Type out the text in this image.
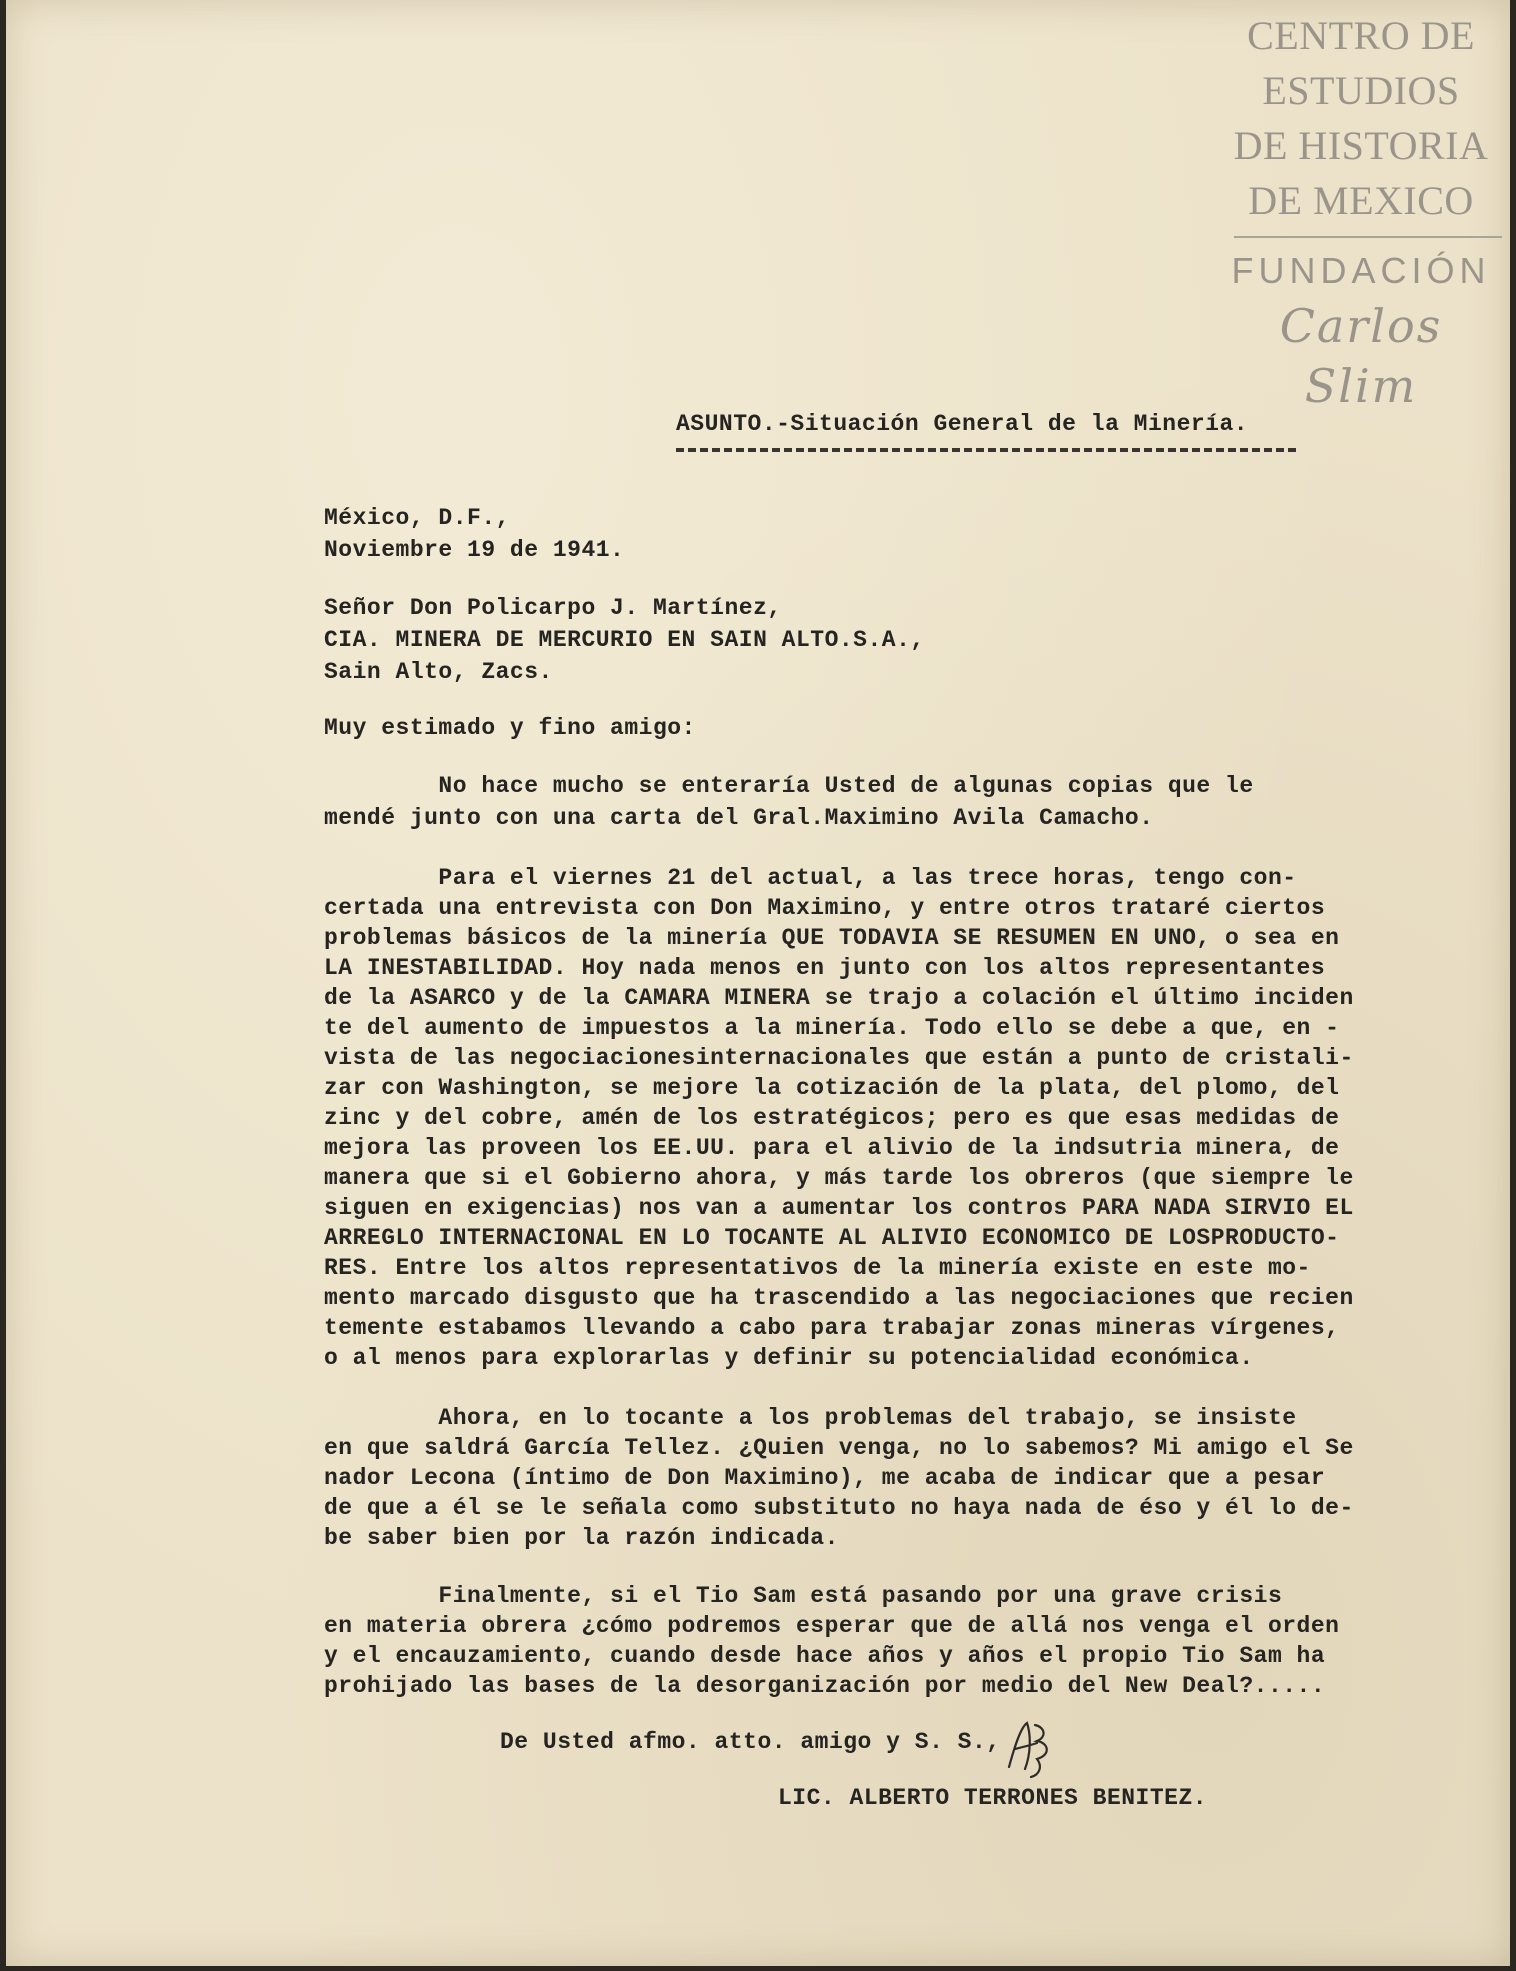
CENTRO DE
ESTUDIOS
DE HISTORIA
DE MEXICO
FUNDACIÓN
Carlos Slim
ASUNTO.-Situación General de la Minería.
México, D.F.,
Noviembre 19 de 1941.
Señor Don Policarpo J. Martínez,
CIA. MINERA DE MERCURIO EN SAIN ALTO.S.A.,
Sain Alto, Zacs.
Muy estimado y fino amigo:
No hace mucho se enteraría Usted de algunas copias que le
mendé junto con una carta del Gral.Maximino Avila Camacho.
Para el viernes 21 del actual, a las trece horas, tengo con-
certada una entrevista con Don Maximino, y entre otros trataré ciertos
problemas básicos de la minería QUE TODAVIA SE RESUMEN EN UNO, o sea en
LA INESTABILIDAD. Hoy nada menos en junto con los altos representantes
de la ASARCO y de la CAMARA MINERA se trajo a colación el último inciden
te del aumento de impuestos a la minería. Todo ello se debe a que, en -
vista de las negociacionesinternacionales que están a punto de cristali-
zar con Washington, se mejore la cotización de la plata, del plomo, del
zinc y del cobre, amén de los estratégicos; pero es que esas medidas de
mejora las proveen los EE.UU. para el alivio de la indsutria minera, de
manera que si el Gobierno ahora, y más tarde los obreros (que siempre le
siguen en exigencias) nos van a aumentar los contros PARA NADA SIRVIO EL
ARREGLO INTERNACIONAL EN LO TOCANTE AL ALIVIO ECONOMICO DE LOSPRODUCTO-
RES. Entre los altos representativos de la minería existe en este mo-
mento marcado disgusto que ha trascendido a las negociaciones que recien
temente estabamos llevando a cabo para trabajar zonas mineras vírgenes,
o al menos para explorarlas y definir su potencialidad económica.
Ahora, en lo tocante a los problemas del trabajo, se insiste
en que saldrá García Tellez. ¿Quien venga, no lo sabemos? Mi amigo el Se
nador Lecona (íntimo de Don Maximino), me acaba de indicar que a pesar
de que a él se le señala como substituto no haya nada de éso y él lo de-
be saber bien por la razón indicada.
Finalmente, si el Tio Sam está pasando por una grave crisis
en materia obrera ¿cómo podremos esperar que de allá nos venga el orden
y el encauzamiento, cuando desde hace años y años el propio Tio Sam ha
prohijado las bases de la desorganización por medio del New Deal?.....
De Usted afmo. atto. amigo y S. S.,
LIC. ALBERTO TERRONES BENITEZ.
